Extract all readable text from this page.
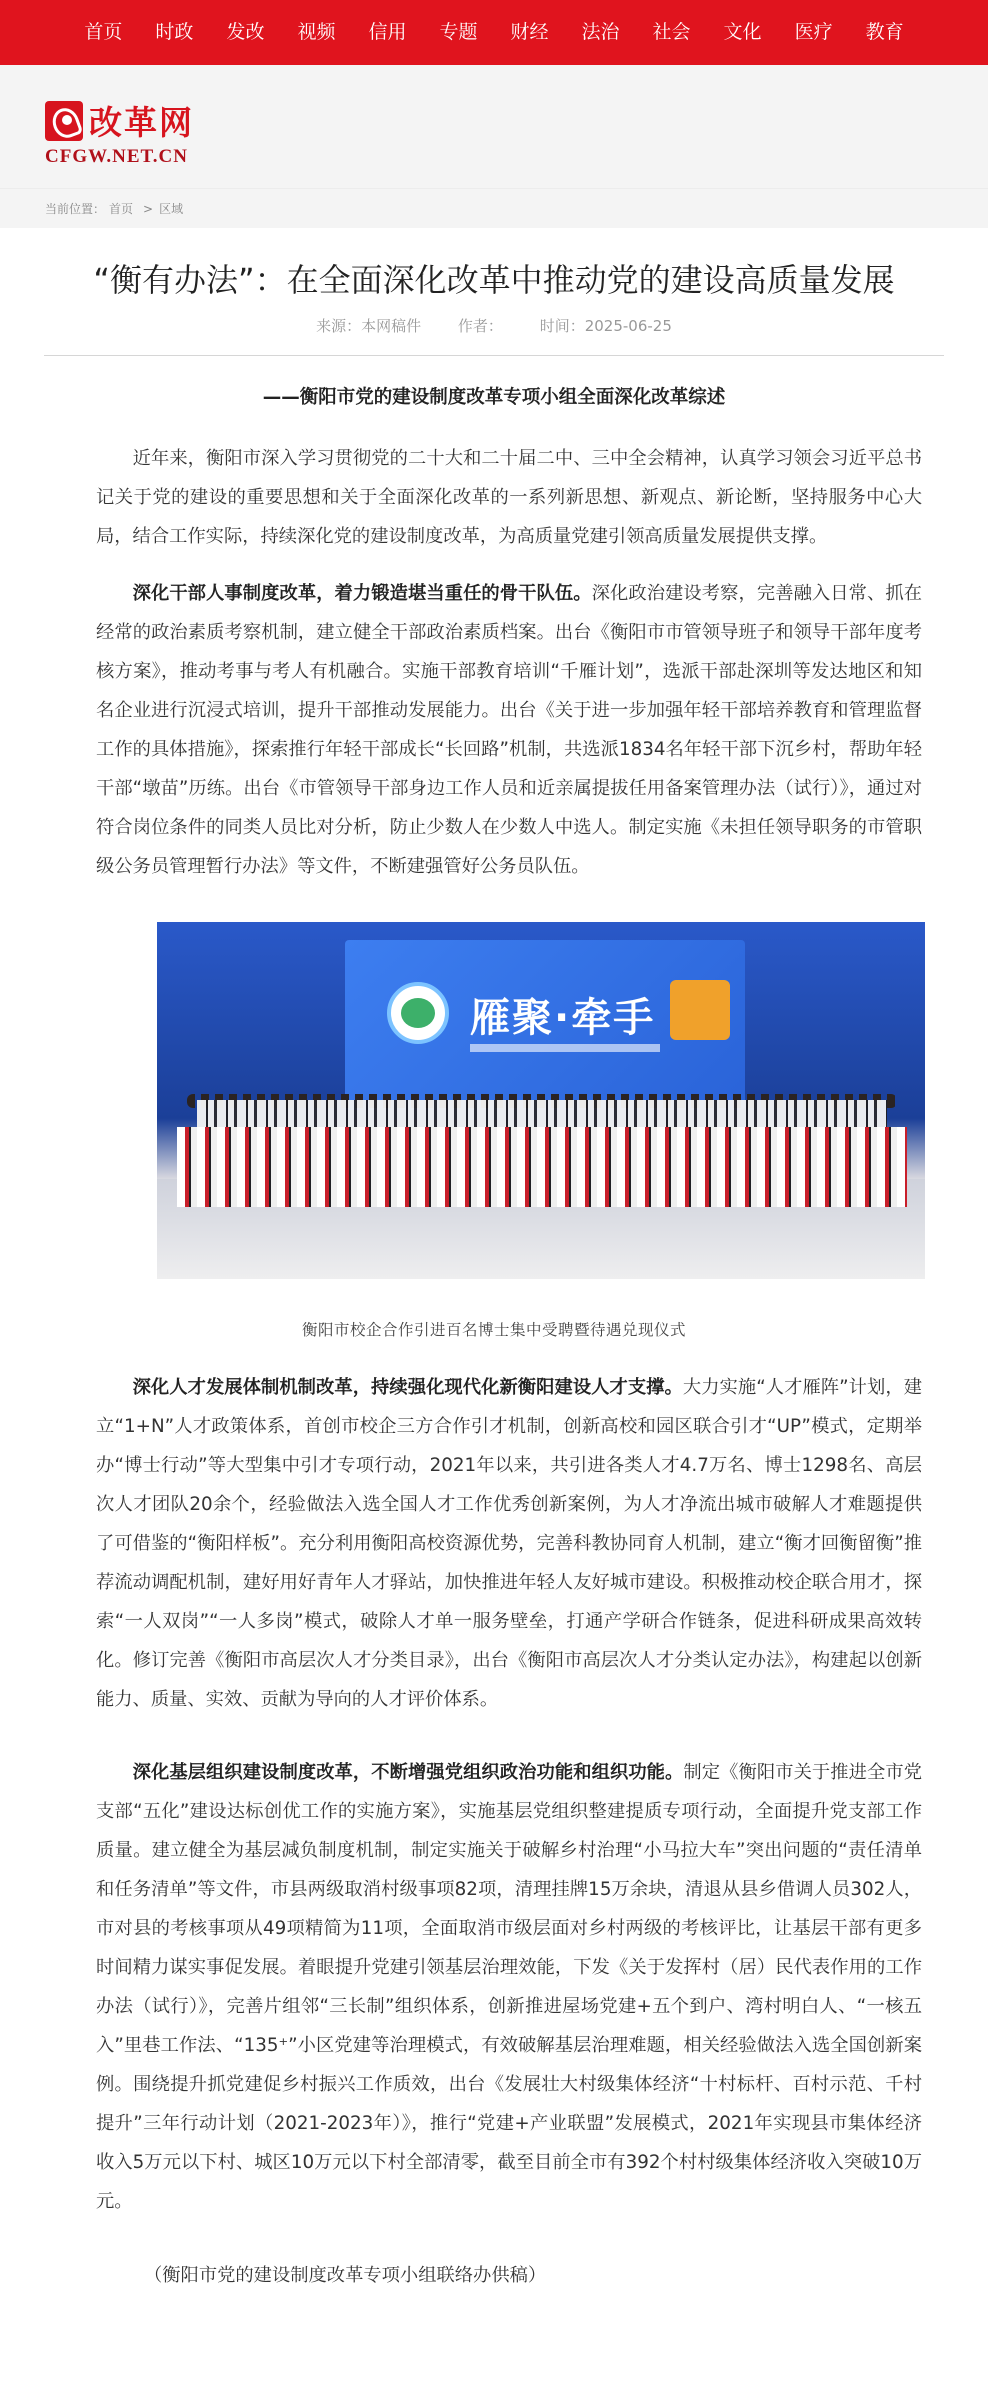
首页	时政	发改	视频	信用	专题	财经	法治	社会	文化	医疗	教育
改革网
CFGW.NET.CN
当前位置： 首页 > 区域
“衡有办法”：在全面深化改革中推动党的建设高质量发展
来源：本网稿件 作者： 时间：2025-06-25
——衡阳市党的建设制度改革专项小组全面深化改革综述

近年来，衡阳市深入学习贯彻党的二十大和二十届二中、三中全会精神，认真学习领会习近平总书记关于党的建设的重要思想和关于全面深化改革的一系列新思想、新观点、新论断，坚持服务中心大局，结合工作实际，持续深化党的建设制度改革，为高质量党建引领高质量发展提供支撑。

深化干部人事制度改革，着力锻造堪当重任的骨干队伍。深化政治建设考察，完善融入日常、抓在经常的政治素质考察机制，建立健全干部政治素质档案。出台《衡阳市市管领导班子和领导干部年度考核方案》，推动考事与考人有机融合。实施干部教育培训“千雁计划”，选派干部赴深圳等发达地区和知名企业进行沉浸式培训，提升干部推动发展能力。出台《关于进一步加强年轻干部培养教育和管理监督工作的具体措施》，探索推行年轻干部成长“长回路”机制，共选派1834名年轻干部下沉乡村，帮助年轻干部“墩苗”历练。出台《市管领导干部身边工作人员和近亲属提拔任用备案管理办法（试行）》，通过对符合岗位条件的同类人员比对分析，防止少数人在少数人中选人。制定实施《未担任领导职务的市管职级公务员管理暂行办法》等文件，不断建强管好公务员队伍。

雁聚·牵手

衡阳市校企合作引进百名博士集中受聘暨待遇兑现仪式

深化人才发展体制机制改革，持续强化现代化新衡阳建设人才支撑。大力实施“人才雁阵”计划，建立“1+N”人才政策体系，首创市校企三方合作引才机制，创新高校和园区联合引才“UP”模式，定期举办“博士行动”等大型集中引才专项行动，2021年以来，共引进各类人才4.7万名、博士1298名、高层次人才团队20余个，经验做法入选全国人才工作优秀创新案例，为人才净流出城市破解人才难题提供了可借鉴的“衡阳样板”。充分利用衡阳高校资源优势，完善科教协同育人机制，建立“衡才回衡留衡”推荐流动调配机制，建好用好青年人才驿站，加快推进年轻人友好城市建设。积极推动校企联合用才，探索“一人双岗”“一人多岗”模式，破除人才单一服务壁垒，打通产学研合作链条，促进科研成果高效转化。修订完善《衡阳市高层次人才分类目录》，出台《衡阳市高层次人才分类认定办法》，构建起以创新能力、质量、实效、贡献为导向的人才评价体系。

深化基层组织建设制度改革，不断增强党组织政治功能和组织功能。制定《衡阳市关于推进全市党支部“五化”建设达标创优工作的实施方案》，实施基层党组织整建提质专项行动，全面提升党支部工作质量。建立健全为基层减负制度机制，制定实施关于破解乡村治理“小马拉大车”突出问题的“责任清单和任务清单”等文件，市县两级取消村级事项82项，清理挂牌15万余块，清退从县乡借调人员302人，市对县的考核事项从49项精简为11项，全面取消市级层面对乡村两级的考核评比，让基层干部有更多时间精力谋实事促发展。着眼提升党建引领基层治理效能，下发《关于发挥村（居）民代表作用的工作办法（试行）》，完善片组邻“三长制”组织体系，创新推进屋场党建+五个到户、湾村明白人、“一核五入”里巷工作法、“135⁺”小区党建等治理模式，有效破解基层治理难题，相关经验做法入选全国创新案例。围绕提升抓党建促乡村振兴工作质效，出台《发展壮大村级集体经济“十村标杆、百村示范、千村提升”三年行动计划（2021-2023年）》，推行“党建+产业联盟”发展模式，2021年实现县市集体经济收入5万元以下村、城区10万元以下村全部清零，截至目前全市有392个村村级集体经济收入突破10万元。

（衡阳市党的建设制度改革专项小组联络办供稿）
